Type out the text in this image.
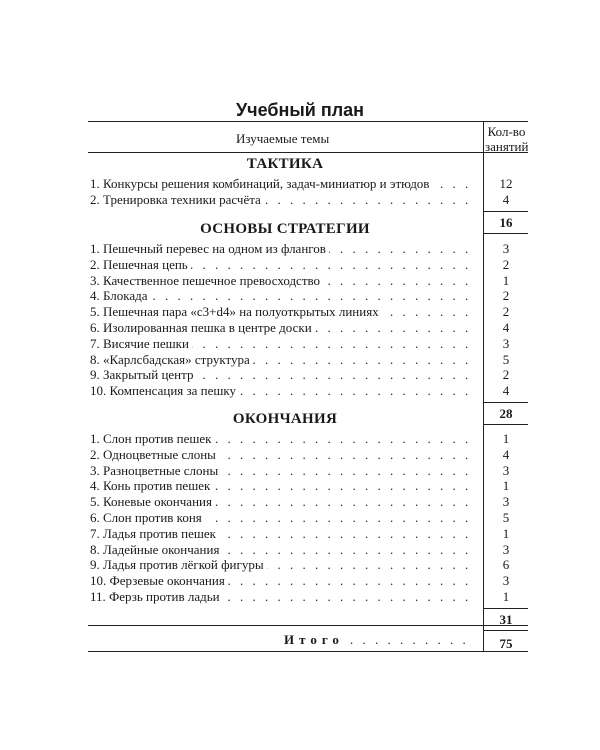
Учебный план
Изучаемые темы	Кол-во
занятий
ТАКТИКА
1. Конкурсы решения комбинаций, задач-миниатюр и этюдов . . .	12
2. Тренировка техники расчёта . . .	4
16
ОСНОВЫ СТРАТЕГИИ
1. Пешечный перевес на одном из флангов . . .	3
2. Пешечная цепь . . .	2
3. Качественное пешечное превосходство . . .	1
4. Блокада . . .	2
5. Пешечная пара «c3+d4» на полуоткрытых линиях . . .	2
6. Изолированная пешка в центре доски . . .	4
7. Висячие пешки . . .	3
8. «Карлсбадская» структура . . .	5
9. Закрытый центр . . .	2
10. Компенсация за пешку . . .	4
28
ОКОНЧАНИЯ
1. Слон против пешек . . .	1
2. Одноцветные слоны . . .	4
3. Разноцветные слоны . . .	3
4. Конь против пешек . . .	1
5. Коневые окончания . . .	3
6. Слон против коня . . .	5
7. Ладья против пешек . . .	1
8. Ладейные окончания . . .	3
9. Ладья против лёгкой фигуры . . .	6
10. Ферзевые окончания . . .	3
11. Ферзь против ладьи . . .	1
31
Итого . . .	75
